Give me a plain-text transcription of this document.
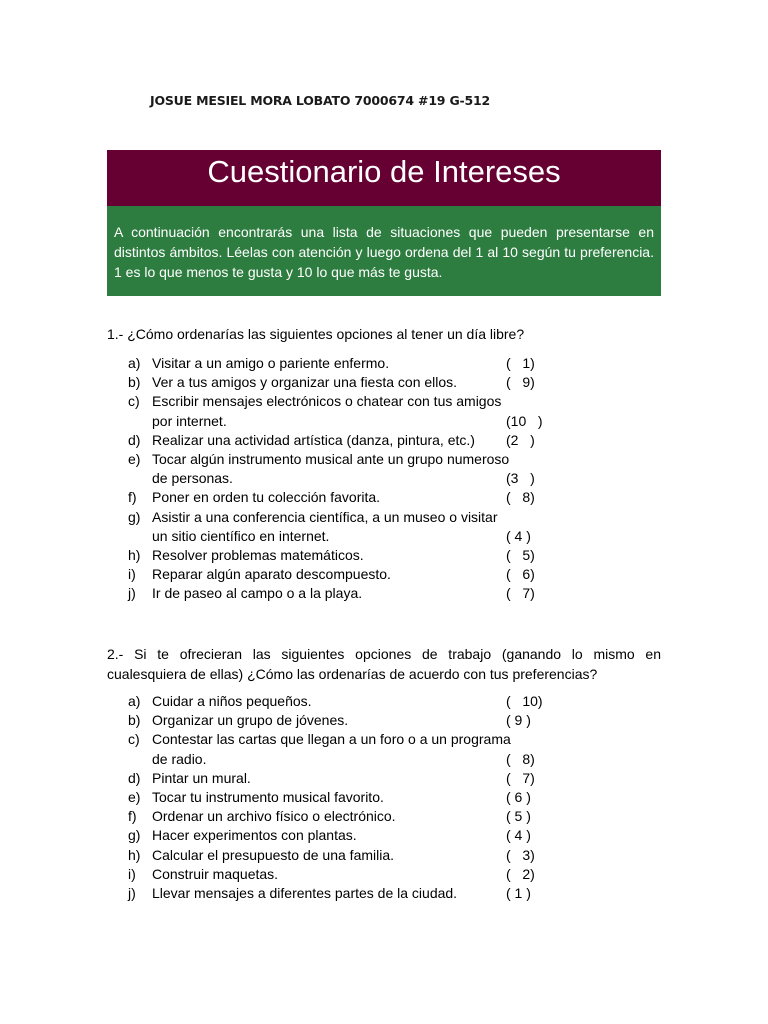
JOSUE MESIEL MORA LOBATO 7000674 #19 G-512
Cuestionario de Intereses
A continuación encontrarás una lista de situaciones que pueden presentarse en distintos ámbitos. Léelas con atención y luego ordena del 1 al 10 según tu preferencia. 1 es lo que menos te gusta y 10 lo que más te gusta.
1.- ¿Cómo ordenarías las siguientes opciones al tener un día libre?
a) Visitar a un amigo o pariente enfermo.	(   1)
b) Ver a tus amigos y organizar una fiesta con ellos.	(   9)
c) Escribir mensajes electrónicos o chatear con tus amigos por internet.	(10   )
d) Realizar una actividad artística (danza, pintura, etc.)	(2   )
e) Tocar algún instrumento musical ante un grupo numeroso de personas.	(3   )
f) Poner en orden tu colección favorita.	(   8)
g) Asistir a una conferencia científica, a un museo o visitar un sitio científico en internet.	( 4 )
h) Resolver problemas matemáticos.	(   5)
i) Reparar algún aparato descompuesto.	(   6)
j) Ir de paseo al campo o a la playa.	(   7)
2.- Si te ofrecieran las siguientes opciones de trabajo (ganando lo mismo en cualesquiera de ellas) ¿Cómo las ordenarías de acuerdo con tus preferencias?
a) Cuidar a niños pequeños.	(   10)
b) Organizar un grupo de jóvenes.	( 9 )
c) Contestar las cartas que llegan a un foro o a un programa de radio.	(   8)
d) Pintar un mural.	(   7)
e) Tocar tu instrumento musical favorito.	( 6 )
f) Ordenar un archivo físico o electrónico.	( 5 )
g) Hacer experimentos con plantas.	( 4 )
h) Calcular el presupuesto de una familia.	(   3)
i) Construir maquetas.	(   2)
j) Llevar mensajes a diferentes partes de la ciudad.	( 1 )
